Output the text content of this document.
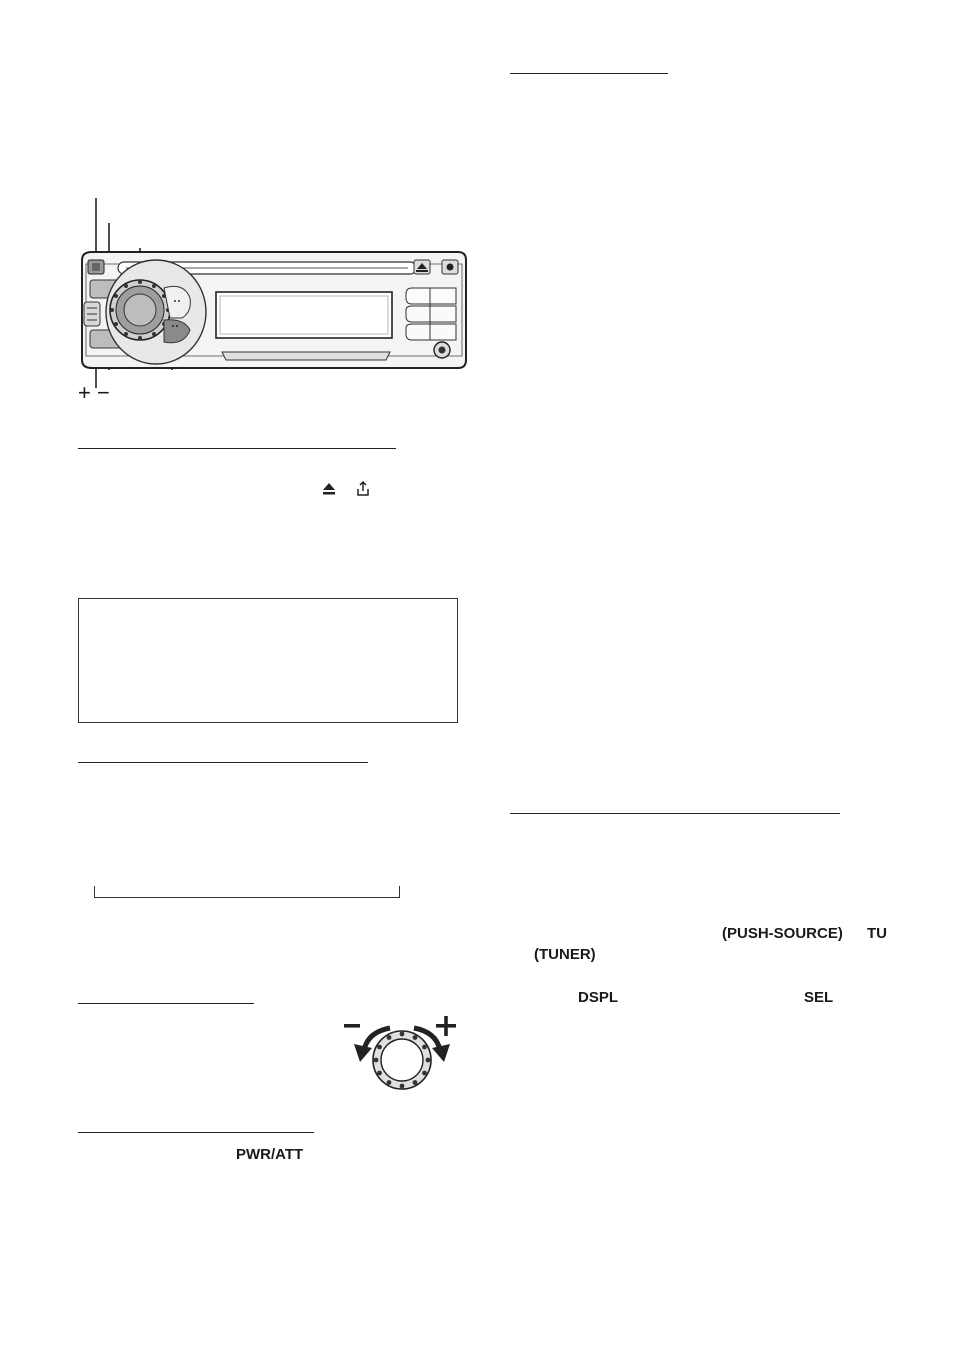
+ −
PWR/ATT
(PUSH-SOURCE) TU
(TUNER)
DSPL	SEL
